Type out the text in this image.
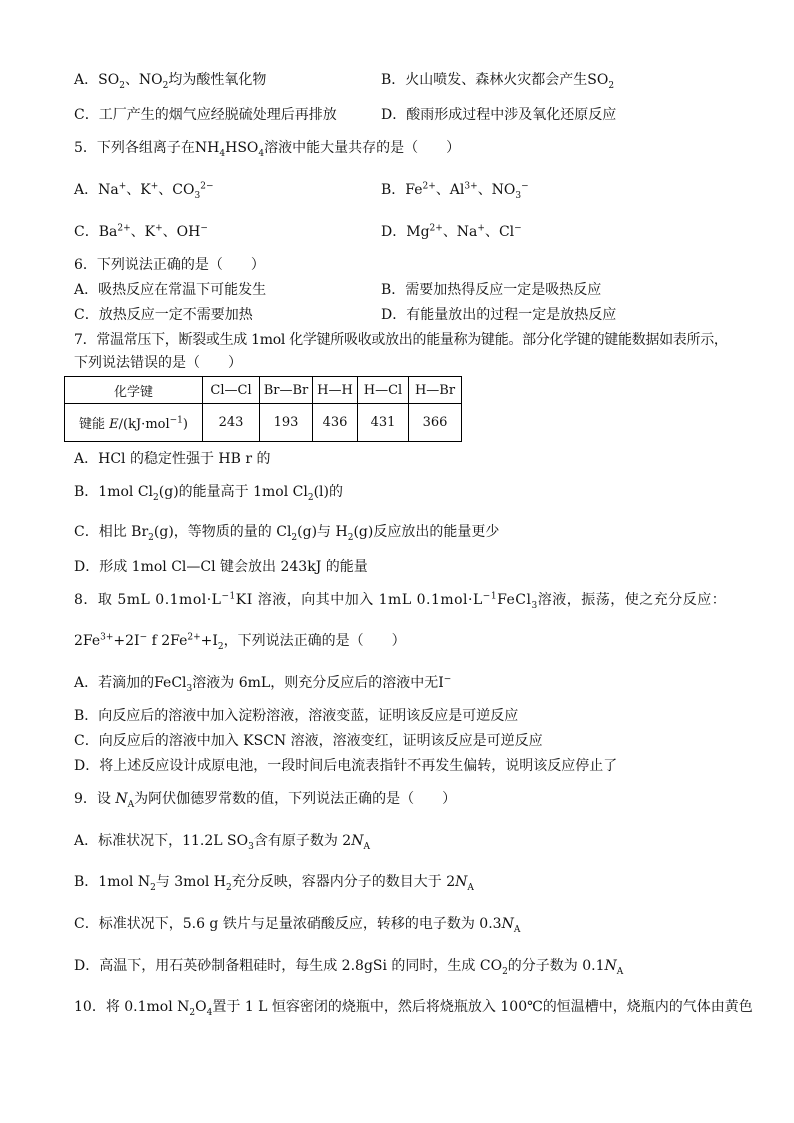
A．$SO_2$、$NO_2$均为酸性氧化物	B．火山喷发、森林火灾都会产生$SO_2$
C．工厂产生的烟气应经脱硫处理后再排放	D．酸雨形成过程中涉及氧化还原反应
5．下列各组离子在$NH_4HSO_4$溶液中能大量共存的是（　　）
A．Na+、K+、$CO_3^{2-}$	B．$Fe^{2+}$、$Al^{3+}$、$NO_3^-$
C．$Ba^{2+}$、K+、OH−	D．$Mg^{2+}$、Na+、Cl−
6．下列说法正确的是（　　）
A．吸热反应在常温下可能发生	B．需要加热得反应一定是吸热反应
C．放热反应一定不需要加热	D．有能量放出的过程一定是放热反应
7．常温常压下，断裂或生成 1mol 化学键所吸收或放出的能量称为键能。部分化学键的键能数据如表所示，
下列说法错误的是（　　）
化学键	Cl—Cl	Br—Br	H—H	H—Cl	H—Br
键能 E/(kJ·mol$^{-1}$)	243	193	436	431	366
A．HCl 的稳定性强于 HB r 的
B．1mol $Cl_2(g)$的能量高于 1mol $Cl_2(l)$的
C．相比 $Br_2(g)$，等物质的量的 $Cl_2(g)$与 $H_2(g)$反应放出的能量更少
D．形成 1mol Cl—Cl 键会放出 243kJ 的能量
8．取 5mL $0.1mol\cdot L^{-1}KI$ 溶液，向其中加入 1mL $0.1mol\cdot L^{-1}FeCl_3$溶液，振荡，使之充分反应：
$2Fe^{3+}+2I^-$ f $2Fe^{2+}+I_2$，下列说法正确的是（　　）
A．若滴加的FeCl$_3$溶液为 6mL，则充分反应后的溶液中无I−
B．向反应后的溶液中加入淀粉溶液，溶液变蓝，证明该反应是可逆反应
C．向反应后的溶液中加入 KSCN 溶液，溶液变红，证明该反应是可逆反应
D．将上述反应设计成原电池，一段时间后电流表指针不再发生偏转，说明该反应停止了
9．设 $N_A$为阿伏伽德罗常数的值，下列说法正确的是（　　）
A．标准状况下，11.2L $SO_3$含有原子数为 $2N_A$
B．1mol $N_2$与 3mol $H_2$充分反映，容器内分子的数目大于 $2N_A$
C．标准状况下，5.6 g 铁片与足量浓硝酸反应，转移的电子数为 $0.3N_A$
D．高温下，用石英砂制备粗硅时，每生成 2.8gSi 的同时，生成 $CO_2$的分子数为 $0.1N_A$
10．将 0.1mol $N_2O_4$置于 1 L 恒容密闭的烧瓶中，然后将烧瓶放入 100℃的恒温槽中，烧瓶内的气体由黄色
